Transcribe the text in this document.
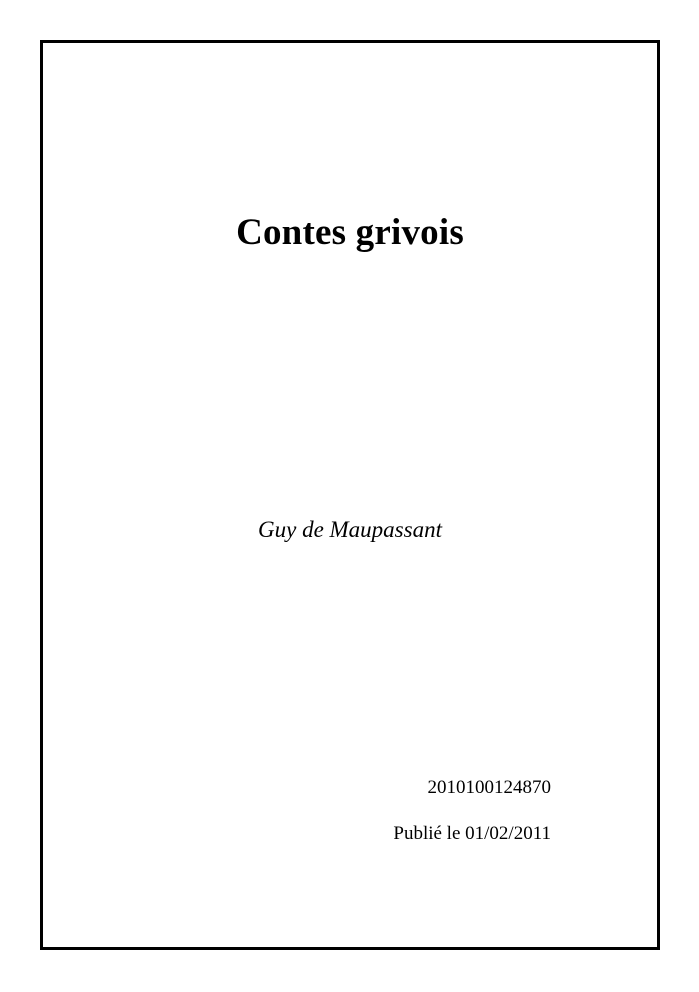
Contes grivois
Guy de Maupassant
2010100124870
Publié le 01/02/2011
